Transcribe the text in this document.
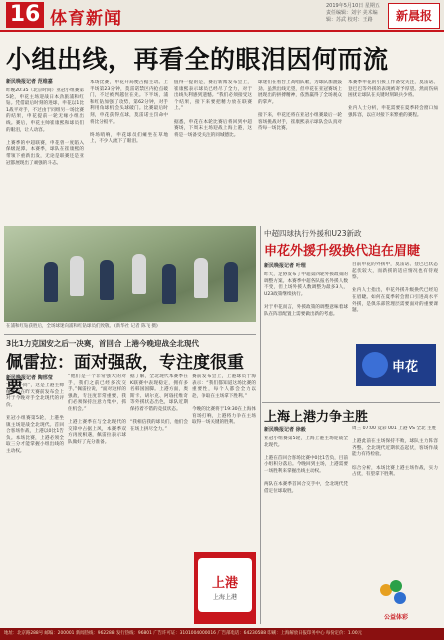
16 体育新闻
2019年5月10日 星期五
责任编辑：刘宇 美术编辑：苏武 校对：王路	新晨报
小组出线，再看全的眼泪因何而流
新民晚报记者 范维嘉
昨晚20:35（北京时间）亚冠小组赛第5轮，申花主场迎战日本劲旅浦和红钻。凭借最后时刻的进球，申花以1比1战平对手，不过由于同组另一场比赛的结果，申花提前一轮无缘小组出线。赛后，申花主帅崔康熙和球员们的眼泪，让人动容。

上赛季的中超联赛，申花曾一度陷入保级泥潭。本赛季，球队在崔康熙的带领下重新出发，无论是联赛还是亚冠都展现出了顽强的斗志。
本场比赛，申花开局便占据主动。上半场第23分钟，莫雷诺禁区内抢点破门，不过被判越位在先。下半场，浦和红钻加强了攻势，第62分钟，对手利用角球机会头球破门。比赛最后时刻，申花获得点球，莫雷诺主罚命中将比分扳平。

终场哨响，申花球员们瘫坐在草地上，不少人流下了眼泪。
值得一提的是，赛后新闻发布会上，崔康熙表示球员已经尽了全力，对于出线失利感到遗憾。“我们必须接受这个结果，接下来要把精力放在联赛上。”

据悉，申花在本轮比赛后将回到中超赛场，下周末主场迎战上海上港，这将是一场备受关注的同城德比。
球迷们在看台上高唱队歌，为球队加油鼓劲。虽然出线无望，但申花在亚冠赛场上展现出的拼搏精神，依然赢得了全场观众的掌声。

接下来，申花还将在亚冠小组赛最后一轮客场挑战对手，崔康熙表示球队会认真对待每一场比赛。
本赛季申花的引援工作备受关注，莫雷诺、登巴巴等外援的表现被寄予厚望。然而伤病困扰让球队在关键时刻缺兵少将。

业内人士分析，申花需要在夏季转会窗口加强阵容，以应对接下来繁重的赛程。
在浦和红钻获胜后，全场球迷向浦和红钻球员们致敬。(新华社 记者 陈飞 摄)
3比1力克国安之后一决赛，首回合 上港今晚迎战全北现代
佩雷拉：面对强敌，专注度很重要
新民晚报记者 陶邢莹
“较大不同”，这是上港主帅佩雷拉在昨天赛前发布会上对于今晚对手全北现代的评价。

亚冠小组赛第5轮，上港坐镇主场迎战全北现代。首回合客场作战，上港以0比1告负。本场比赛，上港必须全取三分才能掌握小组出线的主动权。
“他们是一个非常强大的对手，我们之前已经多次交手。”佩雷拉说，“面对这样的强敌，专注度非常重要，我们必须保持注意力集中，抓住机会。”

上港上赛季在与全北现代的交锋中占据上风，本赛季双方再度相遇，佩雷拉表示球队做好了充分准备。
据了解，全北现代本赛季在K联赛中表现稳定，拥有多名韩国国脚。上港方面，奥斯卡、胡尔克、阿瑙托维奇等外援状态出色，球队近期保持着不错的竞技状态。

“我相信我的球员们，他们会在场上拼尽全力。”
赛前发布会上，上港球员于海表示：“我们都知道这场比赛的重要性，每个人都会全力以赴，争取在主场拿下胜利。”

今晚的比赛将于19:30在上海体育场打响，上港将力争在主场取得一场关键的胜利。
上港
上海上港
中超四球执行外援和U23新政
申花外援升级换代迫在眉睫
新民晚报记者 叶理
昨天，足协发布了中超第四轮外援政策的调整方案。本赛季中超各队报名外援人数不变，但上场外援人数调整为最多3人，U23政策继续执行。

对于申花而言，外援政策的调整意味着球队在阵容配置上需要做出新的考虑。
目前申花的外援中，莫雷诺、登巴巴状态起伏较大，而新援的适应情况也有待观察。

业内人士指出，申花外援升级换代已经迫在眉睫。如何在夏季转会窗口引进高水平外援，是俱乐部管理层需要面对的重要课题。
申花
上海上港力争主胜
新民晚报记者 徐毅
亚冠小组赛第5轮，上海上港主场迎战全北现代。

上港在首回合客场比赛中0比1告负，目前小组积分落后。今晚回到主场，上港需要一场胜利来掌握出线主动权。

两队在本赛季首回合交手中，全北现代凭借定位球取胜。
周三 07:00 竞彩 001 上港 VS 全北 主胜

上港此前在主场保持不败，球队主力阵容齐整。全北现代近期状态起伏，客场作战能力有待检验。

综合分析，本场比赛上港主场作战，实力占优，有望拿下胜利。
公益体彩
地址：北京路288号 邮编：200001 新闻热线：962288 发行热线：96801 广告许可证：3101004000016 广告部电话：64230588 印刷：上海解放日报印务中心 每份定价：1.00元
